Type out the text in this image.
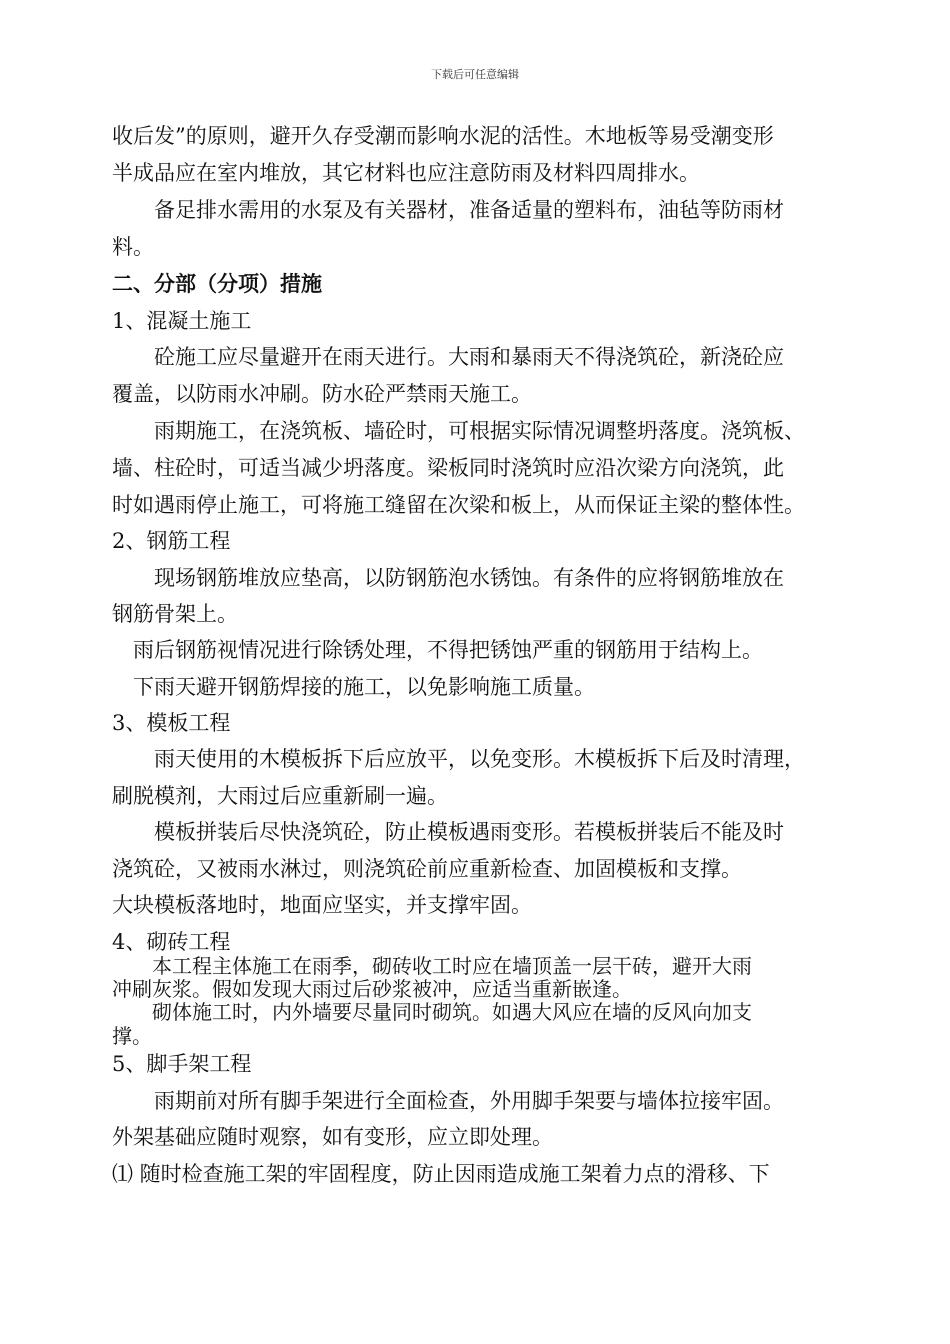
下载后可任意编辑
收后发”的原则，避开久存受潮而影响水泥的活性。木地板等易受潮变形
半成品应在室内堆放，其它材料也应注意防雨及材料四周排水。
　　备足排水需用的水泵及有关器材，准备适量的塑料布，油毡等防雨材
料。
二、分部（分项）措施
1、混凝土施工
　　砼施工应尽量避开在雨天进行。大雨和暴雨天不得浇筑砼，新浇砼应
覆盖，以防雨水冲刷。防水砼严禁雨天施工。
　　雨期施工，在浇筑板、墙砼时，可根据实际情况调整坍落度。浇筑板、
墙、柱砼时，可适当减少坍落度。梁板同时浇筑时应沿次梁方向浇筑，此
时如遇雨停止施工，可将施工缝留在次梁和板上，从而保证主梁的整体性。
2、钢筋工程
　　现场钢筋堆放应垫高，以防钢筋泡水锈蚀。有条件的应将钢筋堆放在
钢筋骨架上。
　雨后钢筋视情况进行除锈处理，不得把锈蚀严重的钢筋用于结构上。
　下雨天避开钢筋焊接的施工，以免影响施工质量。
3、模板工程
　　雨天使用的木模板拆下后应放平，以免变形。木模板拆下后及时清理，
刷脱模剂，大雨过后应重新刷一遍。
　　模板拼装后尽快浇筑砼，防止模板遇雨变形。若模板拼装后不能及时
浇筑砼，又被雨水淋过，则浇筑砼前应重新检查、加固模板和支撑。
大块模板落地时，地面应坚实，并支撑牢固。
4、砌砖工程
　　本工程主体施工在雨季，砌砖收工时应在墙顶盖一层干砖，避开大雨
冲刷灰浆。假如发现大雨过后砂浆被冲，应适当重新嵌逢。
　　砌体施工时，内外墙要尽量同时砌筑。如遇大风应在墙的反风向加支
撑。
5、脚手架工程
　　雨期前对所有脚手架进行全面检查，外用脚手架要与墙体拉接牢固。
外架基础应随时观察，如有变形，应立即处理。
⑴ 随时检查施工架的牢固程度，防止因雨造成施工架着力点的滑移、下
